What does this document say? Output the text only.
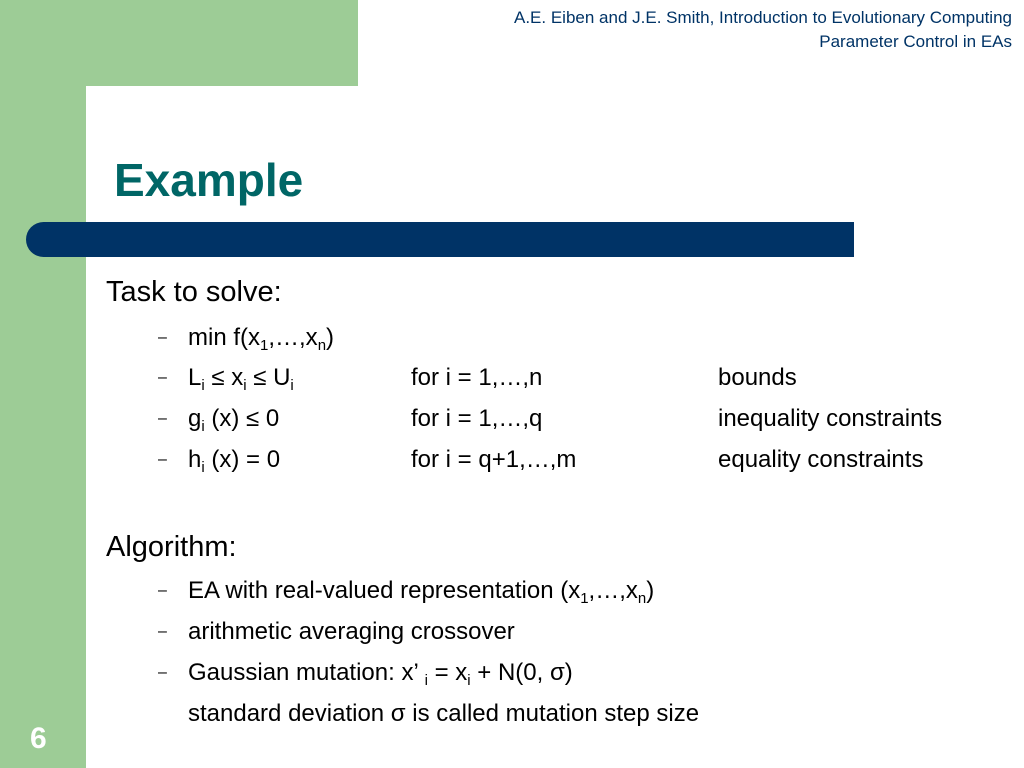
A.E. Eiben and J.E. Smith, Introduction to Evolutionary Computing
Parameter Control in EAs
Example
Task to solve:
– $\min f(x_1,\dots,x_n)$
– $L_i \le x_i \le U_i$	for i = 1,…,n	bounds
– $g_i$ (x) ≤ 0	for i = 1,…,q	inequality constraints
– $h_i$ (x) = 0	for i = q+1,…,m	equality constraints
Algorithm:
– EA with real-valued representation $(x_1,\dots,x_n)$
– arithmetic averaging crossover
– Gaussian mutation: x’ $_i = x_i + N(0$, σ)
standard deviation σ is called mutation step size
6
